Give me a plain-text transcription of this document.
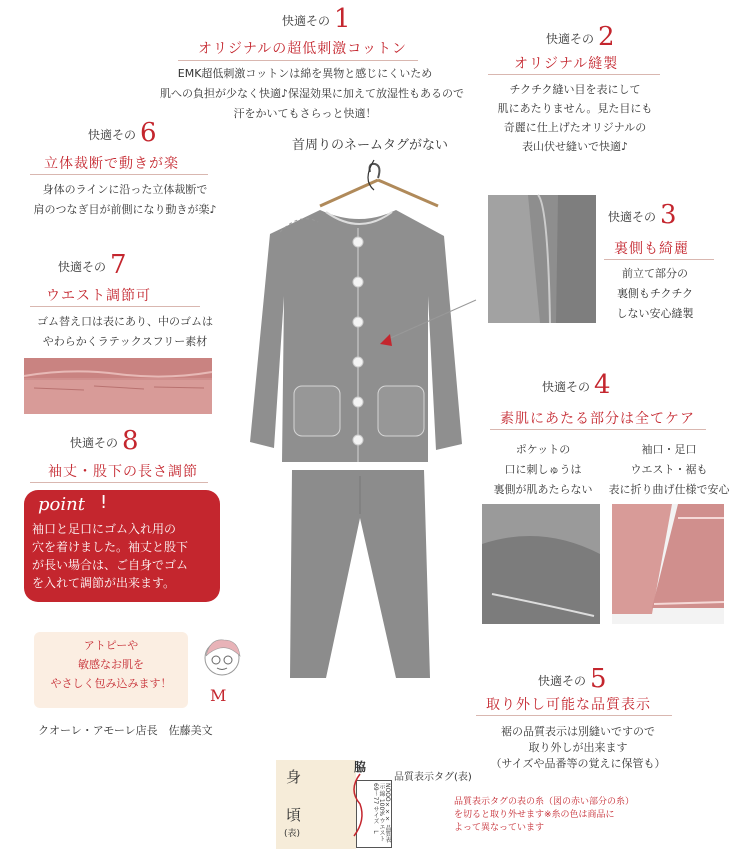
快適その 1
オリジナルの超低刺激コットン
EMK超低刺激コットンは綿を異物と感じにくいため
肌への負担が少なく快適♪保湿効果に加えて放湿性もあるので
汗をかいてもさらっと快適！
首周りのネームタグがない
快適その 2
オリジナル縫製
チクチク縫い目を表にして
肌にあたりません。見た目にも
奇麗に仕上げたオリジナルの
表山伏せ縫いで快適♪
快適その 6
立体裁断で動きが楽
身体のラインに沿った立体裁断で
肩のつなぎ目が前側になり動きが楽♪
快適その 7
ウエスト調節可
ゴム替え口は表にあり、中のゴムは
やわらかくラテックスフリー素材
快適その 8
袖丈・股下の長さ調節
point !
袖口と足口にゴム入れ用の
穴を着けました。袖丈と股下
が長い場合は、ご自身でゴム
を入れて調節が出来ます。
アトピーや
敏感なお肌を
やさしく包み込みます！
M
クオーレ・アモーレ店長　佐藤美文
快適その 3
裏側も綺麗
前立て部分の
裏側もチクチク
しない安心縫製
快適その 4
素肌にあたる部分は全てケア
ポケットの
口に刺しゅうは
裏側が肌あたらない
袖口・足口
ウエスト・裾も
表に折り曲げ仕様で安心
快適その 5
取り外し可能な品質表示
裾の品質表示は別縫いですので
取り外しが出来ます
（サイズや品番等の覚えに保管も）
身
頃
(表)
脇
NOOO××× 品質表示 綿 100% ウエスト 69〜77 サイズ　L
品質表示タグ(表)
品質表示タグの表の糸（図の赤い部分の糸）
を切ると取り外せます※糸の色は商品に
よって異なっています
